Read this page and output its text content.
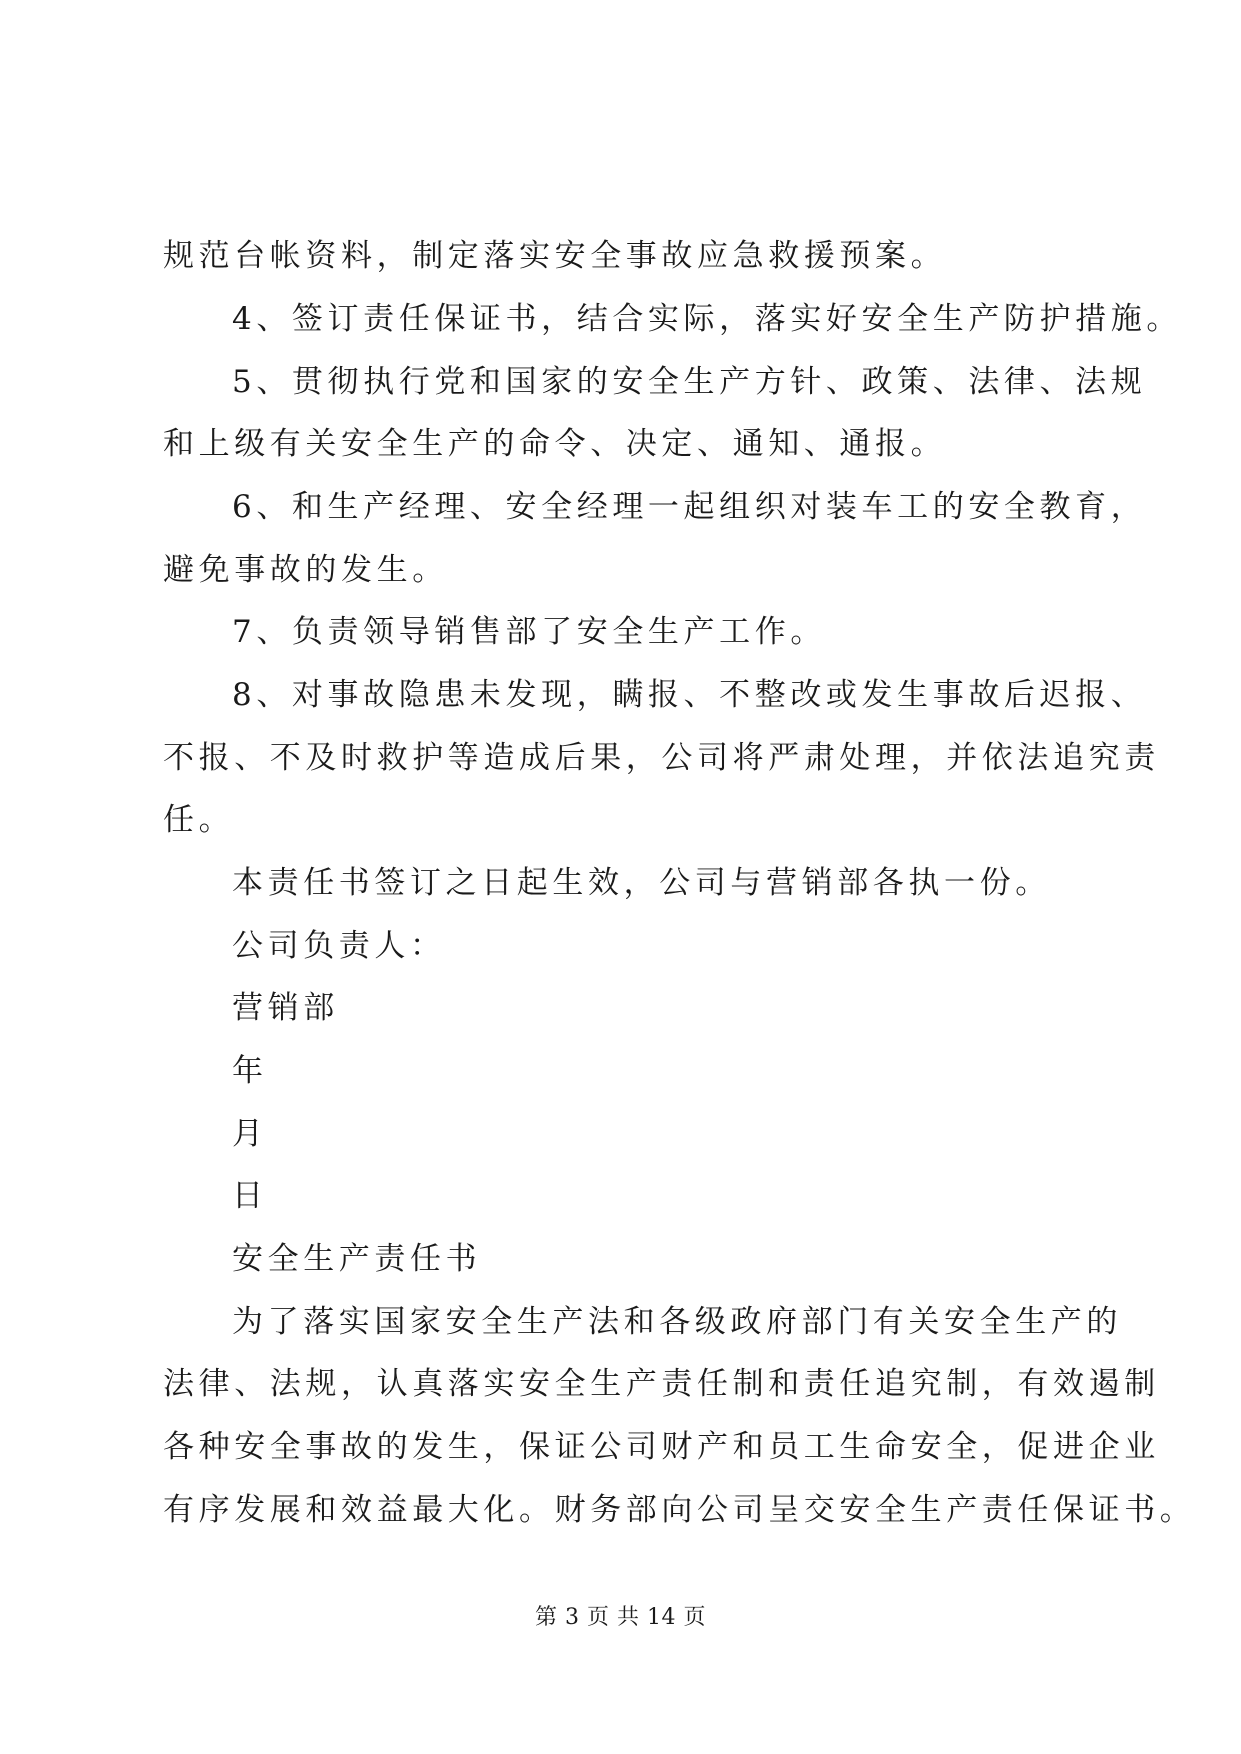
规范台帐资料，制定落实安全事故应急救援预案。
4、签订责任保证书，结合实际，落实好安全生产防护措施。
5、贯彻执行党和国家的安全生产方针、政策、法律、法规
和上级有关安全生产的命令、决定、通知、通报。
6、和生产经理、安全经理一起组织对装车工的安全教育，
避免事故的发生。
7、负责领导销售部了安全生产工作。
8、对事故隐患未发现，瞒报、不整改或发生事故后迟报、
不报、不及时救护等造成后果，公司将严肃处理，并依法追究责
任。
本责任书签订之日起生效，公司与营销部各执一份。
公司负责人：
营销部
年
月
日
安全生产责任书
为了落实国家安全生产法和各级政府部门有关安全生产的
法律、法规，认真落实安全生产责任制和责任追究制，有效遏制
各种安全事故的发生，保证公司财产和员工生命安全，促进企业
有序发展和效益最大化。财务部向公司呈交安全生产责任保证书。
第 3 页 共 14 页
